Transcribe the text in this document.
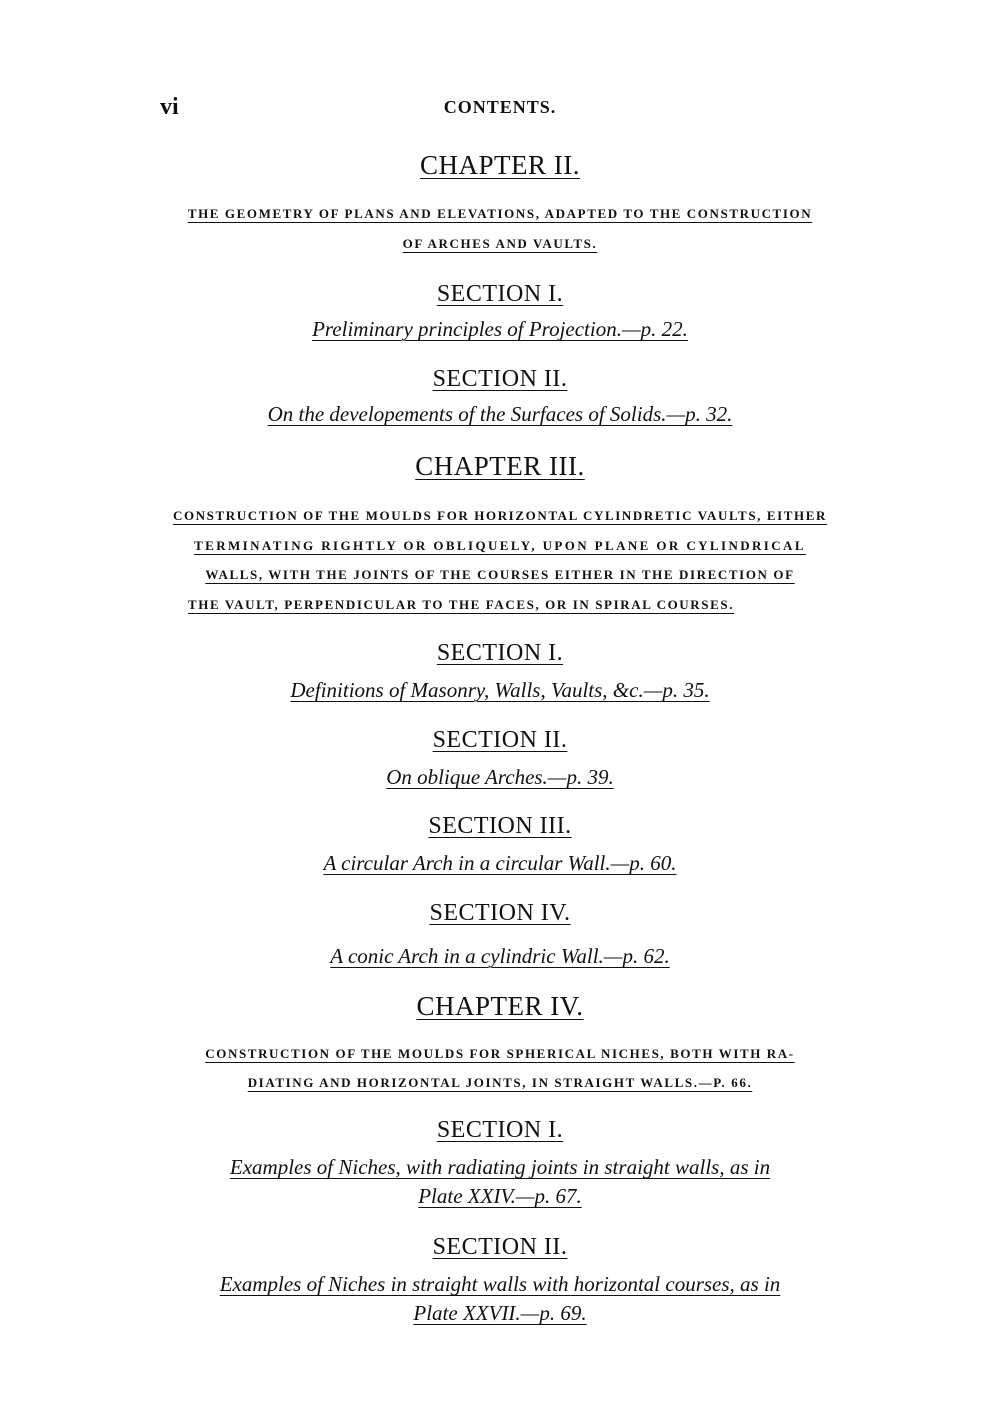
vi	CONTENTS.
CHAPTER II.
THE GEOMETRY OF PLANS AND ELEVATIONS, ADAPTED TO THE CONSTRUCTION
OF ARCHES AND VAULTS.
SECTION I.
Preliminary principles of Projection.—p. 22.
SECTION II.
On the developements of the Surfaces of Solids.—p. 32.
CHAPTER III.
CONSTRUCTION OF THE MOULDS FOR HORIZONTAL CYLINDRETIC VAULTS, EITHER
TERMINATING RIGHTLY OR OBLIQUELY, UPON PLANE OR CYLINDRICAL
WALLS, WITH THE JOINTS OF THE COURSES EITHER IN THE DIRECTION OF
THE VAULT, PERPENDICULAR TO THE FACES, OR IN SPIRAL COURSES.
SECTION I.
Definitions of Masonry, Walls, Vaults, &c.—p. 35.
SECTION II.
On oblique Arches.—p. 39.
SECTION III.
A circular Arch in a circular Wall.—p. 60.
SECTION IV.
A conic Arch in a cylindric Wall.—p. 62.
CHAPTER IV.
CONSTRUCTION OF THE MOULDS FOR SPHERICAL NICHES, BOTH WITH RA-
DIATING AND HORIZONTAL JOINTS, IN STRAIGHT WALLS.—P. 66.
SECTION I.
Examples of Niches, with radiating joints in straight walls, as in
Plate XXIV.—p. 67.
SECTION II.
Examples of Niches in straight walls with horizontal courses, as in
Plate XXVII.—p. 69.
